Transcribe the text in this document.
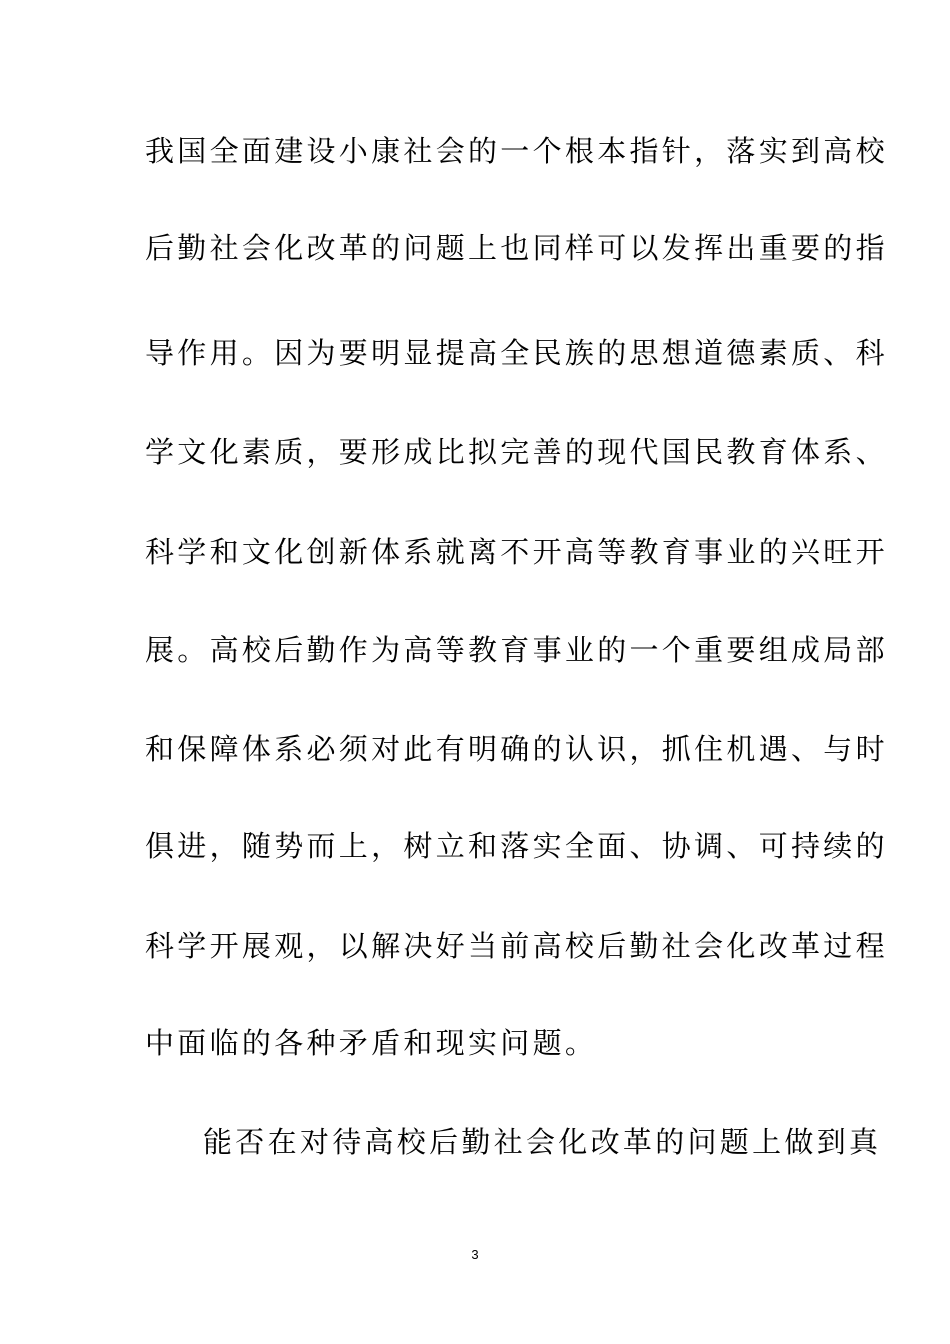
我国全面建设小康社会的一个根本指针，落实到高校
后勤社会化改革的问题上也同样可以发挥出重要的指
导作用。因为要明显提高全民族的思想道德素质、科
学文化素质，要形成比拟完善的现代国民教育体系、
科学和文化创新体系就离不开高等教育事业的兴旺开
展。高校后勤作为高等教育事业的一个重要组成局部
和保障体系必须对此有明确的认识，抓住机遇、与时
俱进，随势而上，树立和落实全面、协调、可持续的
科学开展观，以解决好当前高校后勤社会化改革过程
中面临的各种矛盾和现实问题。
能否在对待高校后勤社会化改革的问题上做到真
3
